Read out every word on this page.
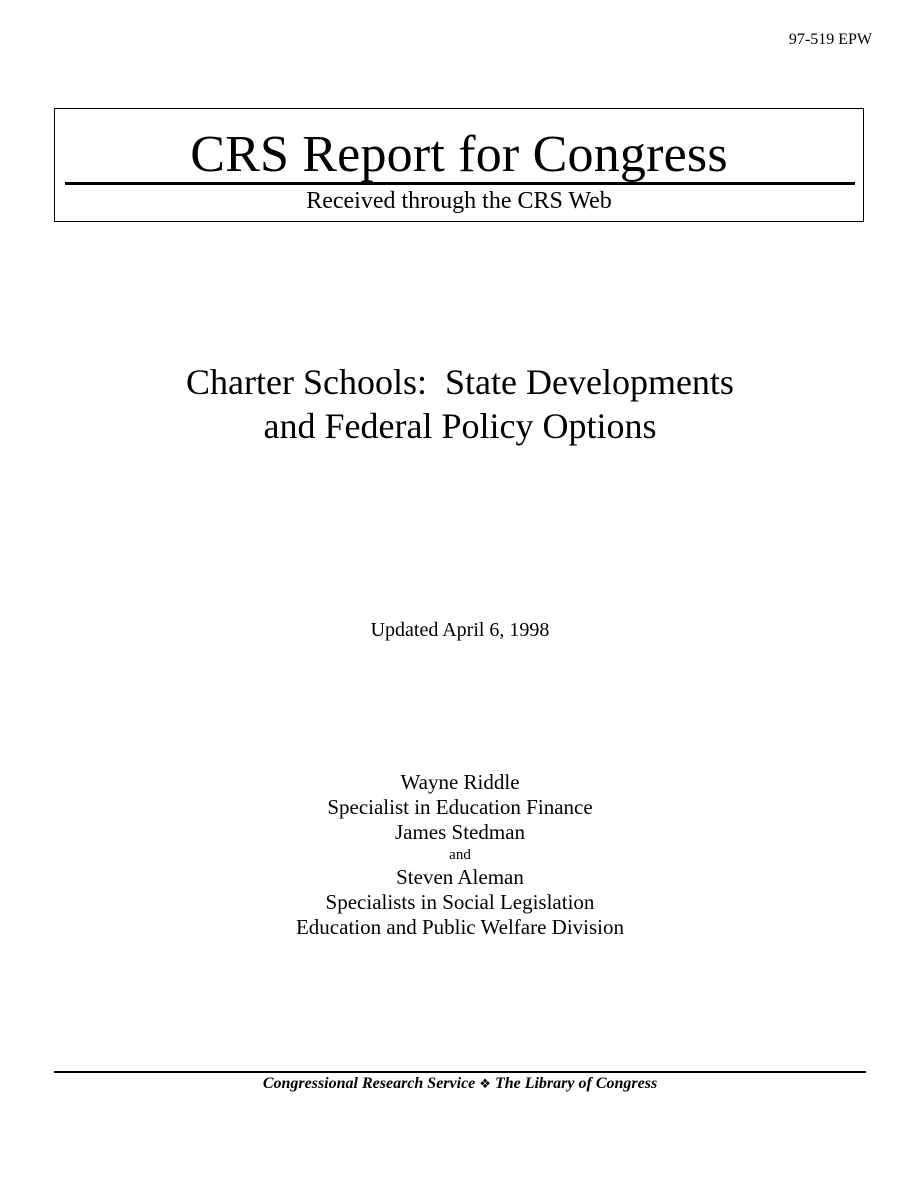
97-519 EPW
CRS Report for Congress
Received through the CRS Web
Charter Schools:  State Developments
and Federal Policy Options
Updated April 6, 1998
Wayne Riddle
Specialist in Education Finance
James Stedman
and
Steven Aleman
Specialists in Social Legislation
Education and Public Welfare Division
Congressional Research Service ❖ The Library of Congress
